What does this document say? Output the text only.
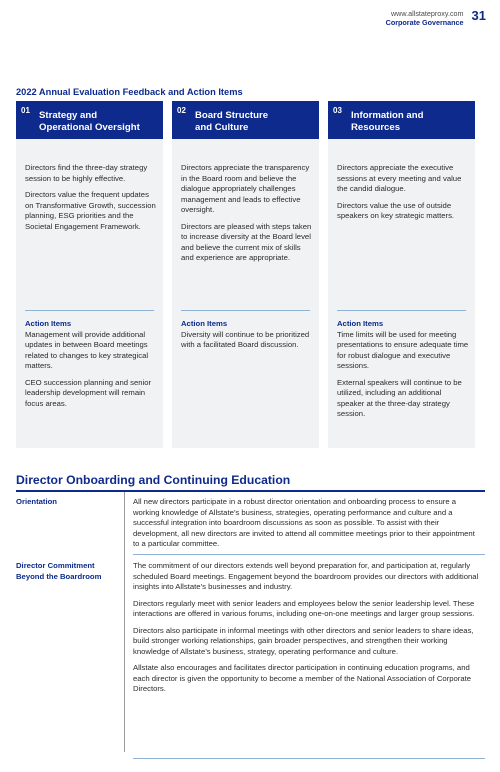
www.allstateproxy.com
Corporate Governance 31
2022 Annual Evaluation Feedback and Action Items
01 Strategy and
Operational Oversight

Directors find the three-day strategy session to be highly effective.

Directors value the frequent updates on Transformative Growth, succession planning, ESG priorities and the Societal Engagement Framework.

Action Items

Management will provide additional updates in between Board meetings related to changes to key strategical matters.

CEO succession planning and senior leadership development will remain focus areas.

02 Board Structure
and Culture

Directors appreciate the transparency in the Board room and believe the dialogue appropriately challenges management and leads to effective oversight.

Directors are pleased with steps taken to increase diversity at the Board level and believe the current mix of skills and experience are appropriate.

Action Items

Diversity will continue to be prioritized with a facilitated Board discussion.

03 Information and
Resources

Directors appreciate the executive sessions at every meeting and value the candid dialogue.

Directors value the use of outside speakers on key strategic matters.

Action Items

Time limits will be used for meeting presentations to ensure adequate time for robust dialogue and executive sessions.

External speakers will continue to be utilized, including an additional speaker at the three-day strategy session.

Director Onboarding and Continuing Education
Orientation	All new directors participate in a robust director orientation and onboarding process to ensure a working knowledge of Allstate’s business, strategies, operating performance and culture and a successful integration into boardroom discussions as soon as possible. To assist with their development, all new directors are invited to attend all committee meetings prior to their appointment to a particular committee.

Director Commitment Beyond the Boardroom

The commitment of our directors extends well beyond preparation for, and participation at, regularly scheduled Board meetings. Engagement beyond the boardroom provides our directors with additional insights into Allstate’s businesses and industry.

Directors regularly meet with senior leaders and employees below the senior leadership level. These interactions are offered in various forums, including one-on-one meetings and larger group sessions.

Directors also participate in informal meetings with other directors and senior leaders to share ideas, build stronger working relationships, gain broader perspectives, and strengthen their working knowledge of Allstate’s business, strategy, operating performance and culture.

Allstate also encourages and facilitates director participation in continuing education programs, and each director is given the opportunity to become a member of the National Association of Corporate Directors.
